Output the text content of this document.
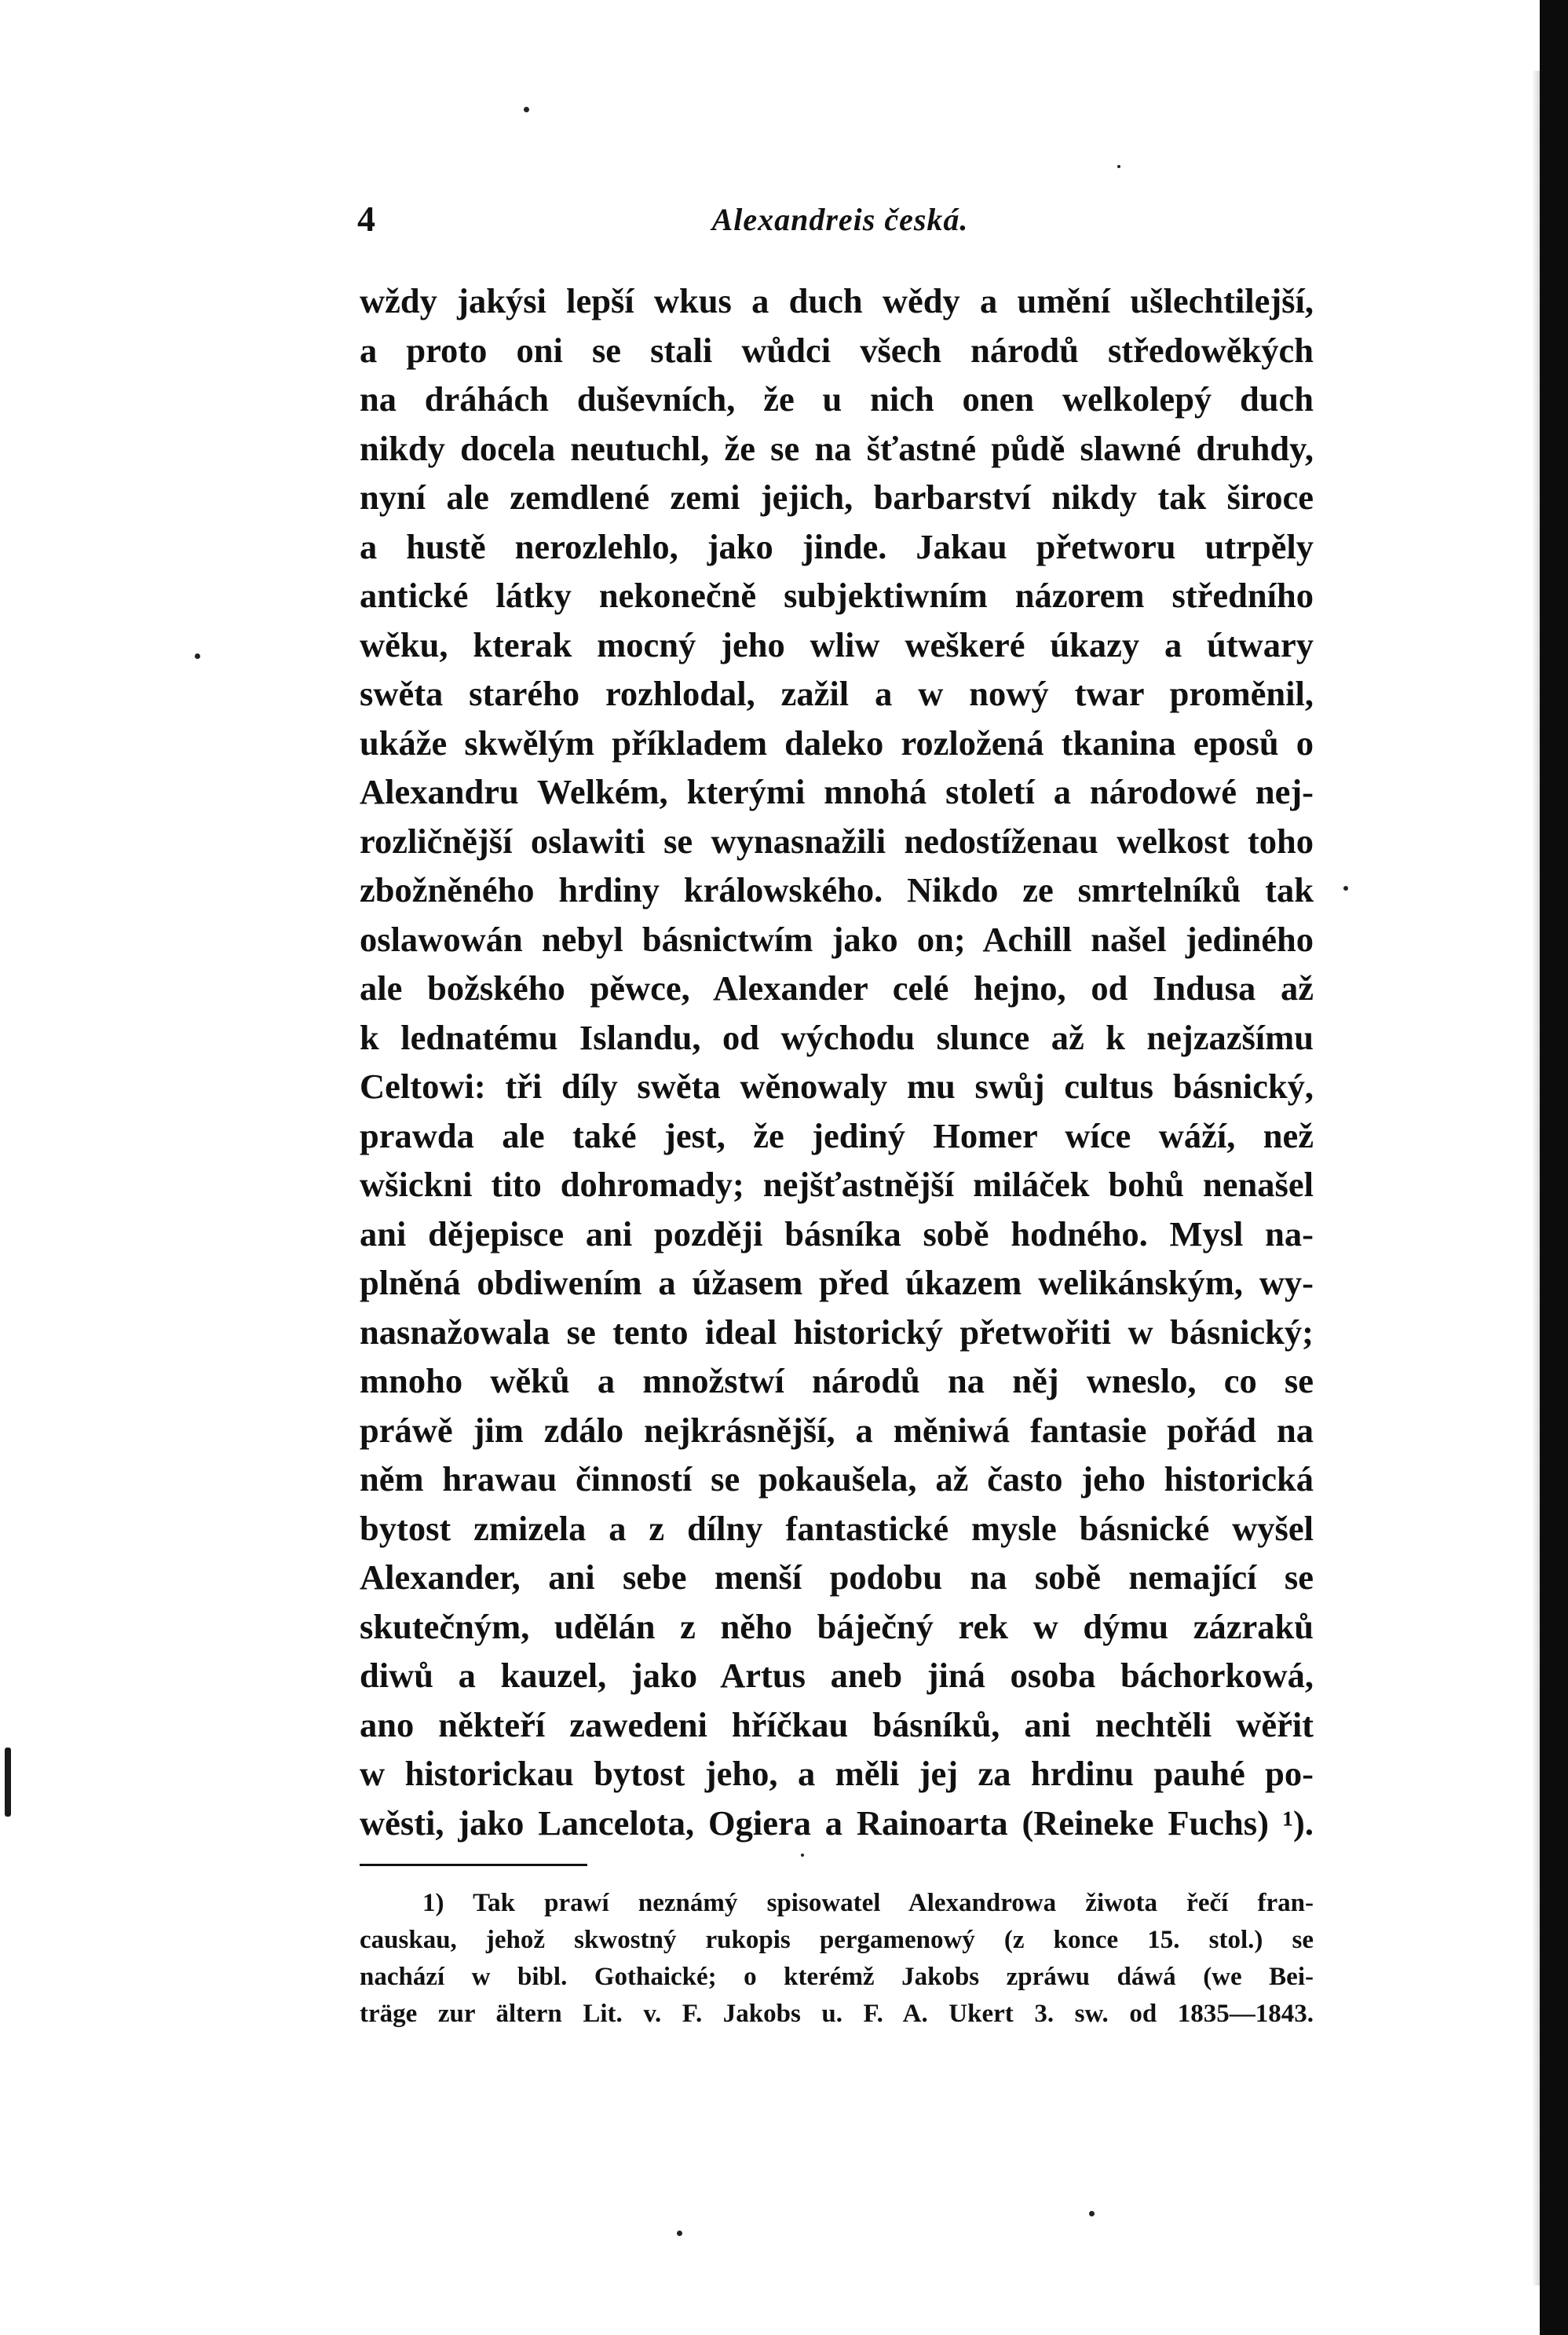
4	Alexandreis česká.
wždy jakýsi lepší wkus a duch wědy a umění ušlechtilejší,
a proto oni se stali wůdci všech národů středowěkých
na dráhách duševních, že u nich onen welkolepý duch
nikdy docela neutuchl, že se na šťastné půdě slawné druhdy,
nyní ale zemdlené zemi jejich, barbarství nikdy tak široce
a hustě nerozlehlo, jako jinde. Jakau přetworu utrpěly
antické látky nekonečně subjektiwním názorem středního
wěku, kterak mocný jeho wliw weškeré úkazy a útwary
swěta starého rozhlodal, zažil a w nowý twar proměnil,
ukáže skwělým příkladem daleko rozložená tkanina eposů o
Alexandru Welkém, kterými mnohá století a národowé nej-
rozličnější oslawiti se wynasnažili nedostíženau welkost toho
zbožněného hrdiny králowského. Nikdo ze smrtelníků tak
oslawowán nebyl básnictwím jako on; Achill našel jediného
ale božského pěwce, Alexander celé hejno, od Indusa až
k lednatému Islandu, od wýchodu slunce až k nejzazšímu
Celtowi: tři díly swěta wěnowaly mu swůj cultus básnický,
prawda ale také jest, že jediný Homer wíce wáží, než
wšickni tito dohromady; nejšťastnější miláček bohů nenašel
ani dějepisce ani později básníka sobě hodného. Mysl na-
plněná obdiwením a úžasem před úkazem welikánským, wy-
nasnažowala se tento ideal historický přetwořiti w básnický;
mnoho wěků a množstwí národů na něj wneslo, co se
práwě jim zdálo nejkrásnější, a měniwá fantasie pořád na
něm hrawau činností se pokaušela, až často jeho historická
bytost zmizela a z dílny fantastické mysle básnické wyšel
Alexander, ani sebe menší podobu na sobě nemající se
skutečným, udělán z něho báječný rek w dýmu zázraků
diwů a kauzel, jako Artus aneb jiná osoba báchorkowá,
ano někteří zawedeni hříčkau básníků, ani nechtěli wěřit
w historickau bytost jeho, a měli jej za hrdinu pauhé po-
wěsti, jako Lancelota, Ogiera a Rainoarta (Reineke Fuchs) ¹).
1) Tak prawí neznámý spisowatel Alexandrowa žiwota řečí fran-
causkau, jehož skwostný rukopis pergamenowý (z konce 15. stol.) se
nachází w bibl. Gothaické; o kterémž Jakobs zpráwu dáwá (we Bei-
träge zur ältern Lit. v. F. Jakobs u. F. A. Ukert 3. sw. od 1835—1843.
